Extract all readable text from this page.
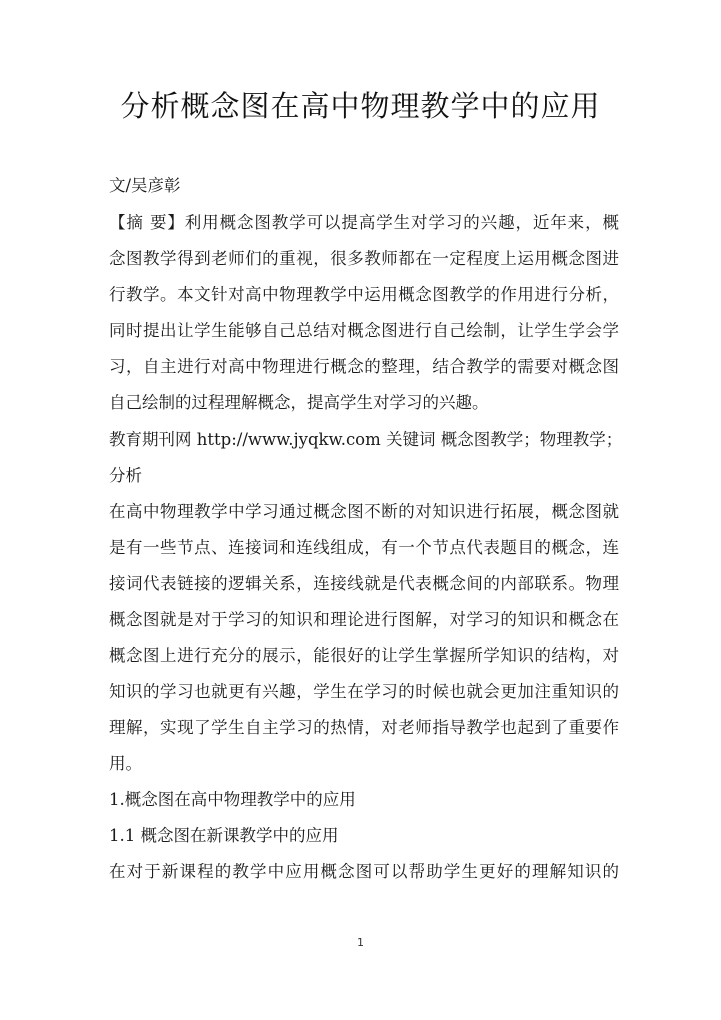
分析概念图在高中物理教学中的应用
文/吴彦彰
【摘 要】利用概念图教学可以提高学生对学习的兴趣，近年来，概
念图教学得到老师们的重视，很多教师都在一定程度上运用概念图进
行教学。本文针对高中物理教学中运用概念图教学的作用进行分析，
同时提出让学生能够自己总结对概念图进行自己绘制，让学生学会学
习，自主进行对高中物理进行概念的整理，结合教学的需要对概念图
自己绘制的过程理解概念，提高学生对学习的兴趣。
教育期刊网 http://www.jyqkw.com 关键词 概念图教学；物理教学；
分析
在高中物理教学中学习通过概念图不断的对知识进行拓展，概念图就
是有一些节点、连接词和连线组成，有一个节点代表题目的概念，连
接词代表链接的逻辑关系，连接线就是代表概念间的内部联系。物理
概念图就是对于学习的知识和理论进行图解，对学习的知识和概念在
概念图上进行充分的展示，能很好的让学生掌握所学知识的结构，对
知识的学习也就更有兴趣，学生在学习的时候也就会更加注重知识的
理解，实现了学生自主学习的热情，对老师指导教学也起到了重要作
用。
1.概念图在高中物理教学中的应用
1.1 概念图在新课教学中的应用
在对于新课程的教学中应用概念图可以帮助学生更好的理解知识的
1
